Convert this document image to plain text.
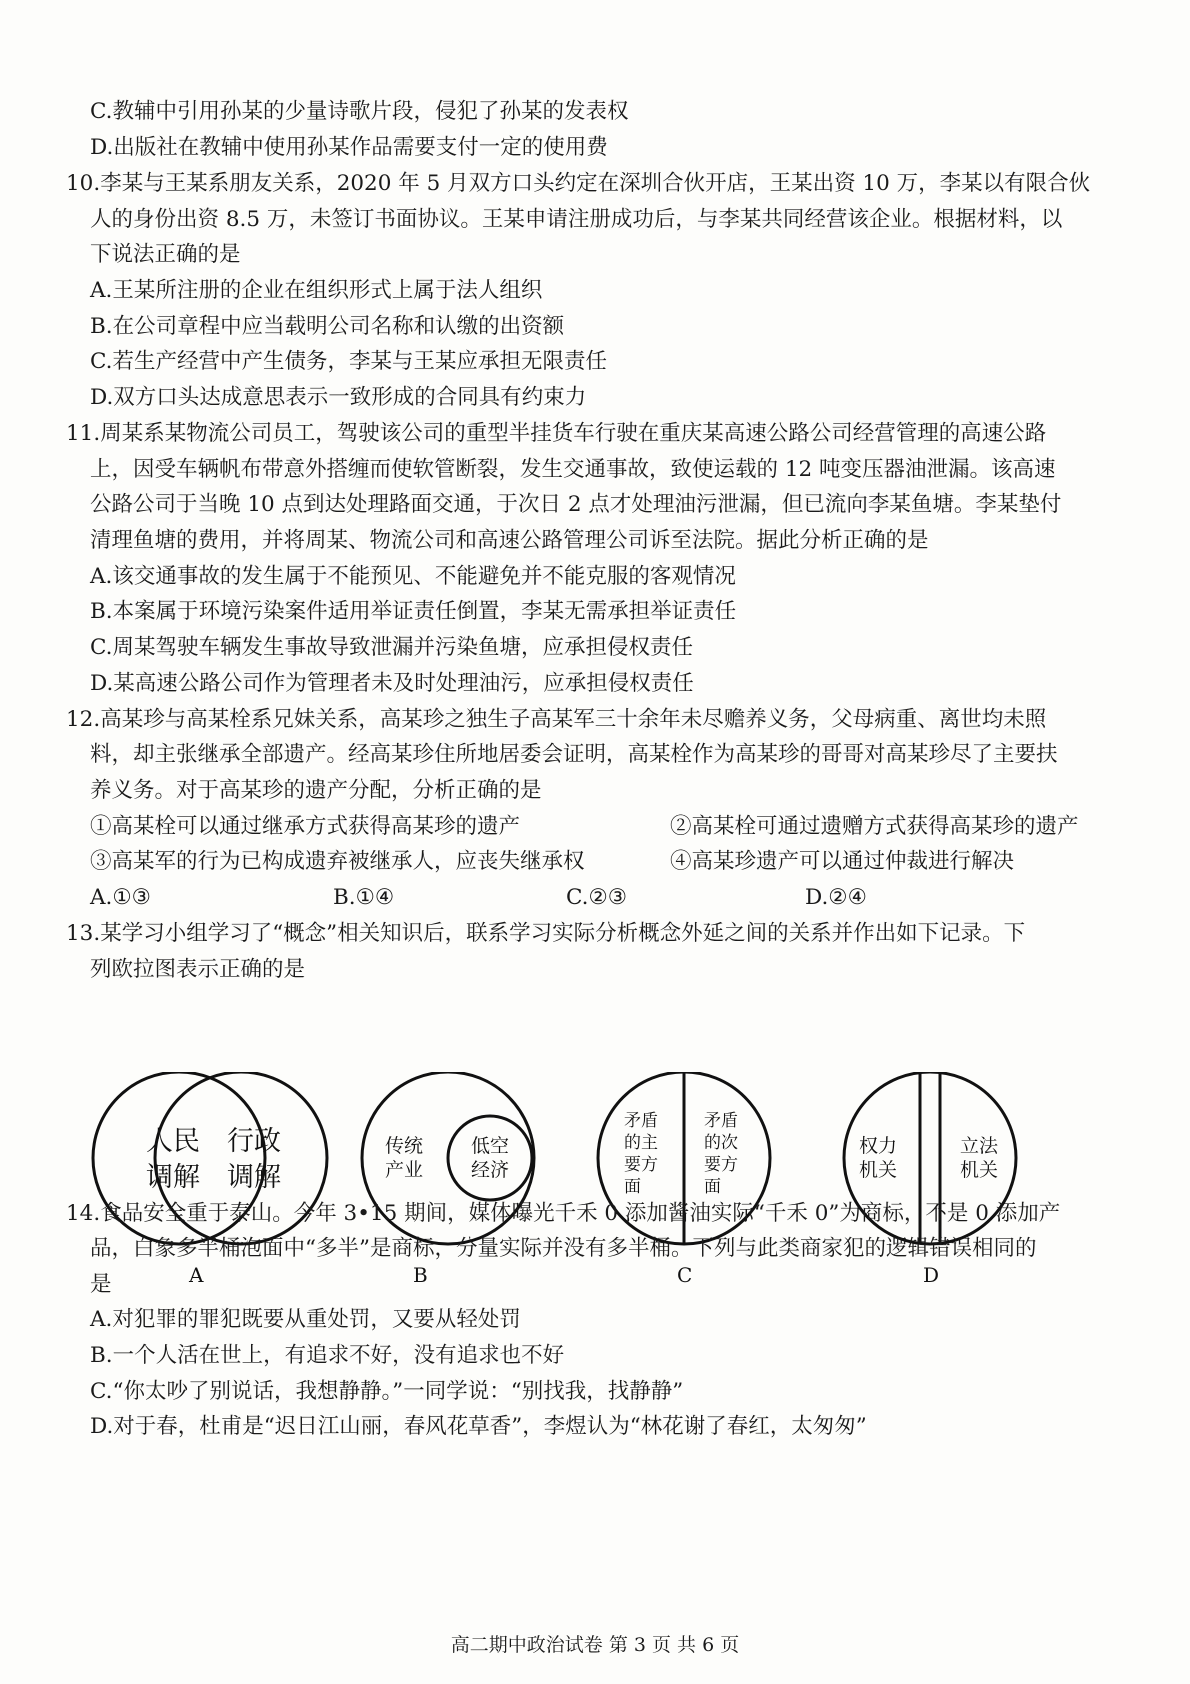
C.教辅中引用孙某的少量诗歌片段，侵犯了孙某的发表权
D.出版社在教辅中使用孙某作品需要支付一定的使用费
10.李某与王某系朋友关系，2020 年 5 月双方口头约定在深圳合伙开店，王某出资 10 万，李某以有限合伙
人的身份出资 8.5 万，未签订书面协议。王某申请注册成功后，与李某共同经营该企业。根据材料，以
下说法正确的是
A.王某所注册的企业在组织形式上属于法人组织
B.在公司章程中应当载明公司名称和认缴的出资额
C.若生产经营中产生债务，李某与王某应承担无限责任
D.双方口头达成意思表示一致形成的合同具有约束力
11.周某系某物流公司员工，驾驶该公司的重型半挂货车行驶在重庆某高速公路公司经营管理的高速公路
上，因受车辆帆布带意外搭缠而使软管断裂，发生交通事故，致使运载的 12 吨变压器油泄漏。该高速
公路公司于当晚 10 点到达处理路面交通，于次日 2 点才处理油污泄漏，但已流向李某鱼塘。李某垫付
清理鱼塘的费用，并将周某、物流公司和高速公路管理公司诉至法院。据此分析正确的是
A.该交通事故的发生属于不能预见、不能避免并不能克服的客观情况
B.本案属于环境污染案件适用举证责任倒置，李某无需承担举证责任
C.周某驾驶车辆发生事故导致泄漏并污染鱼塘，应承担侵权责任
D.某高速公路公司作为管理者未及时处理油污，应承担侵权责任
12.高某珍与高某栓系兄妹关系，高某珍之独生子高某军三十余年未尽赡养义务，父母病重、离世均未照
料，却主张继承全部遗产。经高某珍住所地居委会证明，高某栓作为高某珍的哥哥对高某珍尽了主要扶
养义务。对于高某珍的遗产分配，分析正确的是
①高某栓可以通过继承方式获得高某珍的遗产	②高某栓可通过遗赠方式获得高某珍的遗产
③高某军的行为已构成遗弃被继承人，应丧失继承权	④高某珍遗产可以通过仲裁进行解决
A.①③	B.①④	C.②③	D.②④
13.某学习小组学习了“概念”相关知识后，联系学习实际分析概念外延之间的关系并作出如下记录。下
列欧拉图表示正确的是
人民
调解
行政
调解
A
传统
产业
低空
经济
B
矛盾
的主
要方
面
矛盾
的次
要方
面
C
权力
机关
立法
机关
D
14.食品安全重于泰山。今年 3•15 期间，媒体曝光千禾 0 添加酱油实际“千禾 0”为商标，不是 0 添加产
品，白象多半桶泡面中“多半”是商标，分量实际并没有多半桶。下列与此类商家犯的逻辑错误相同的
是
A.对犯罪的罪犯既要从重处罚，又要从轻处罚
B.一个人活在世上，有追求不好，没有追求也不好
C.“你太吵了别说话，我想静静。”一同学说：“别找我，找静静”
D.对于春，杜甫是“迟日江山丽，春风花草香”，李煜认为“林花谢了春红，太匆匆”
高二期中政治试卷 第 3 页 共 6 页
